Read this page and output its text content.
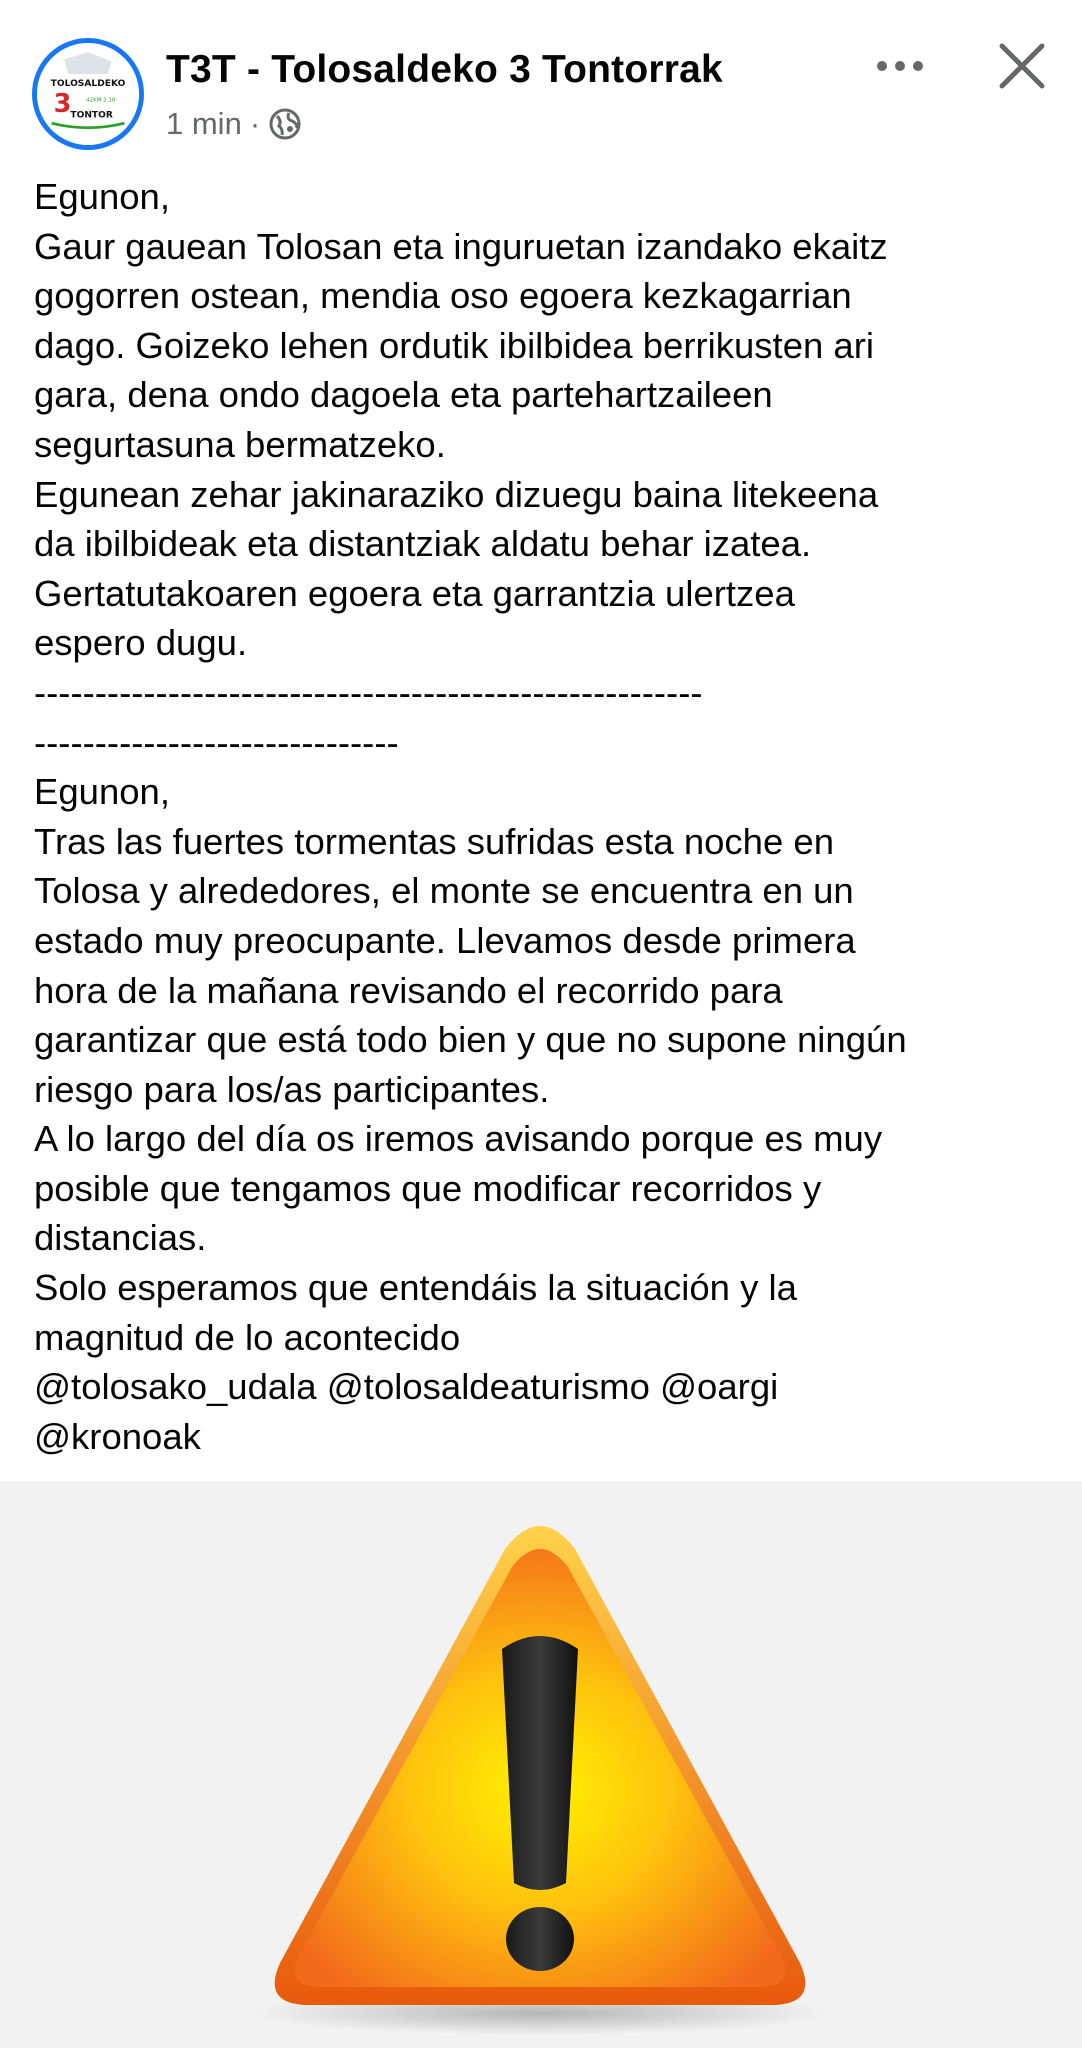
TOLOSALDEKO
3 42KM 2.10
TONTOR
T3T - Tolosaldeko 3 Tontorrak
1 min ·
Egunon,
Gaur gauean Tolosan eta inguruetan izandako ekaitz
gogorren ostean, mendia oso egoera kezkagarrian
dago. Goizeko lehen ordutik ibilbidea berrikusten ari
gara, dena ondo dagoela eta partehartzaileen
segurtasuna bermatzeko.
Egunean zehar jakinaraziko dizuegu baina litekeena
da ibilbideak eta distantziak aldatu behar izatea.
Gertatutakoaren egoera eta garrantzia ulertzea
espero dugu.
-------------------------------------------------------
------------------------------
Egunon,
Tras las fuertes tormentas sufridas esta noche en
Tolosa y alrededores, el monte se encuentra en un
estado muy preocupante. Llevamos desde primera
hora de la mañana revisando el recorrido para
garantizar que está todo bien y que no supone ningún
riesgo para los/as participantes.
A lo largo del día os iremos avisando porque es muy
posible que tengamos que modificar recorridos y
distancias.
Solo esperamos que entendáis la situación y la
magnitud de lo acontecido
@tolosako_udala @tolosaldeaturismo @oargi
@kronoak
